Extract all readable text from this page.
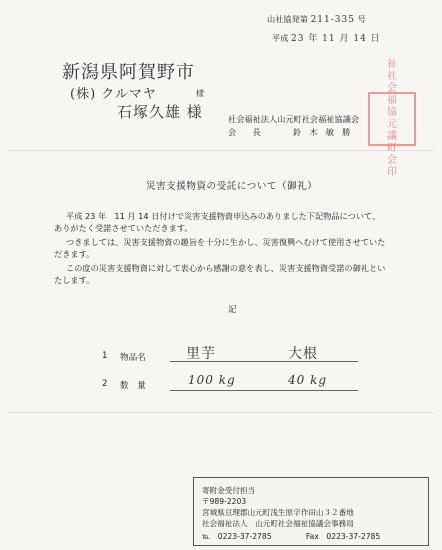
山社協発第 211-335 号
平成 23 年 11 月 14 日
新潟県阿賀野市
(株) クルマヤ	様
石塚久雄 様	社会福祉法人山元町社会福祉協議会
会　　長	鈴　木　敏　勝
祉
社
会
福
協
元
議
町
会
印
災害支援物資の受託について（御礼）
平成 23 年　11 月 14 日付けで災害支援物資申込みのありました下記物品について、ありがたく受諾させていただきます。
つきましては、災害支援物資の趣旨を十分に生かし、災害復興へむけて使用させていただきます。
この度の災害支援物資に対して衷心から感謝の意を表し、災害支援物資受諾の御礼といたします。
記
1 物品名	里芋	大根
2 数　量	100 kg	40 kg
寄附金受付担当
〒989-2203
宮城県亘理郡山元町浅生原字作田山３２番地
社会福祉法人　山元町社会福祉協議会事務局
℡　0223-37-2785	Fax　0223-37-2785
